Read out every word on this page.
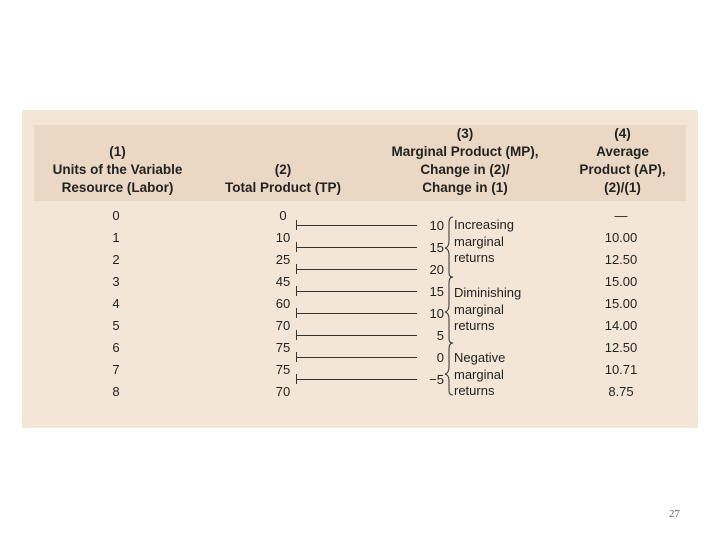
(1)
Units of the Variable
Resource (Labor)
(2)
Total Product (TP)
(3)
Marginal Product (MP),
Change in (2)/
Change in (1)
(4)
Average
Product (AP),
(2)/(1)
0
1
2
3
4
5
6
7
8
0
10
25
45
60
70
75
75
70
—
10.00
12.50
15.00
15.00
14.00
12.50
10.71
8.75
10
15
20
15
10
5
0
−5
Increasing
marginal
returns
Diminishing
marginal
returns
Negative
marginal
returns
27
